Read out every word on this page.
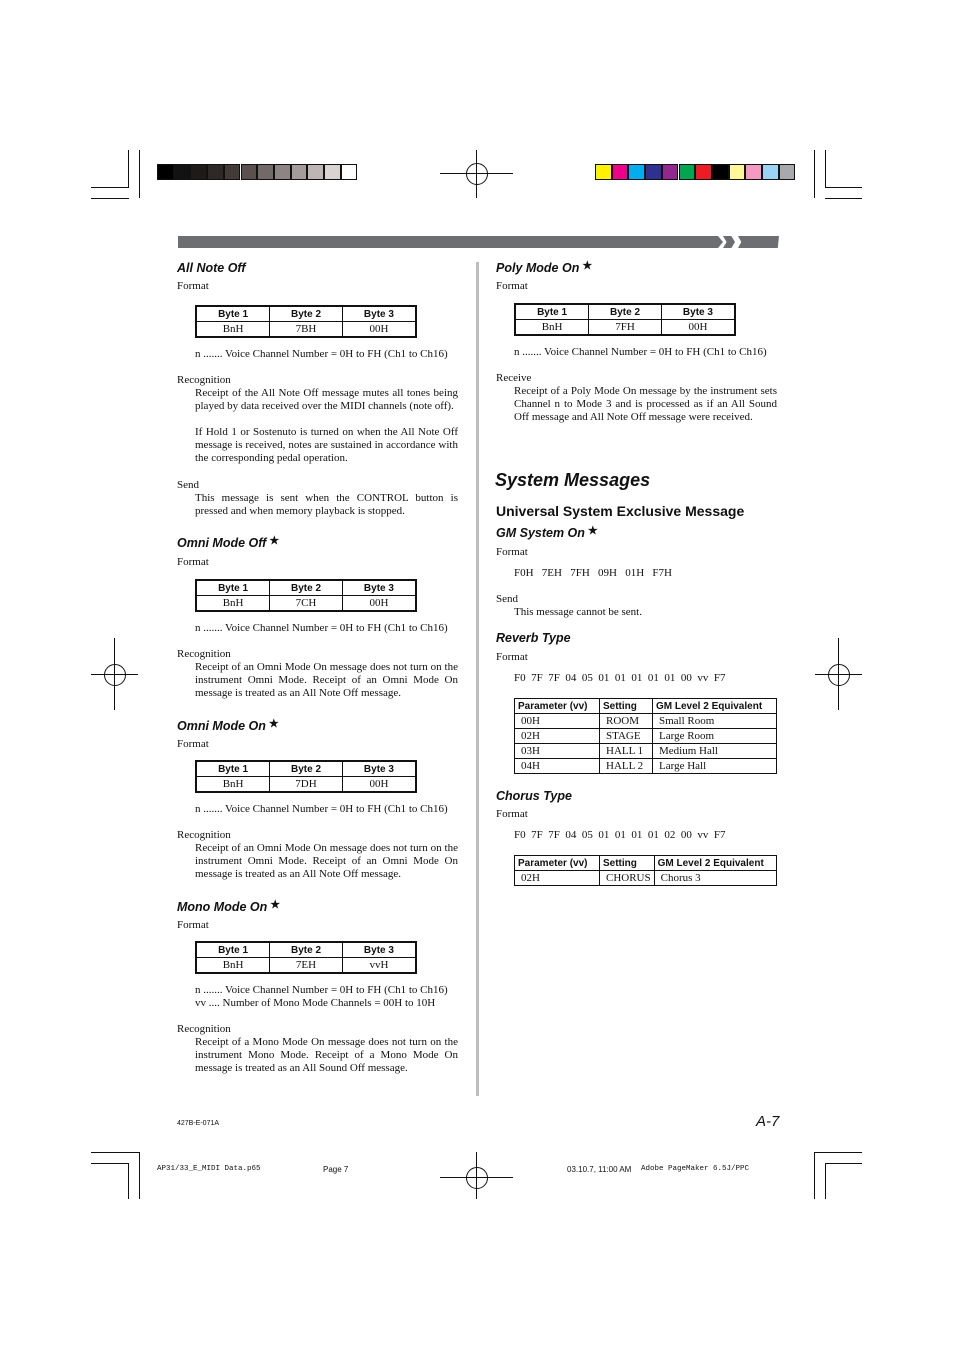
All Note Off
Format
Byte 1	Byte 2	Byte 3
BnH	7BH	00H
n ....... Voice Channel Number = 0H to FH (Ch1 to Ch16)
Recognition
Receipt of the All Note Off message mutes all tones being played by data received over the MIDI channels (note off).
If Hold 1 or Sostenuto is turned on when the All Note Off message is received, notes are sustained in accordance with the corresponding pedal operation.
Send
This message is sent when the CONTROL button is pressed and when memory playback is stopped.
Omni Mode Off ★
Format
Byte 1	Byte 2	Byte 3
BnH	7CH	00H
n ....... Voice Channel Number = 0H to FH (Ch1 to Ch16)
Recognition
Receipt of an Omni Mode On message does not turn on the instrument Omni Mode. Receipt of an Omni Mode On message is treated as an All Note Off message.
Omni Mode On ★
Format
Byte 1	Byte 2	Byte 3
BnH	7DH	00H
n ....... Voice Channel Number = 0H to FH (Ch1 to Ch16)
Recognition
Receipt of an Omni Mode On message does not turn on the instrument Omni Mode. Receipt of an Omni Mode On message is treated as an All Note Off message.
Mono Mode On ★
Format
Byte 1	Byte 2	Byte 3
BnH	7EH	vvH
n ....... Voice Channel Number = 0H to FH (Ch1 to Ch16)
vv .... Number of Mono Mode Channels = 00H to 10H
Recognition
Receipt of a Mono Mode On message does not turn on the instrument Mono Mode. Receipt of a Mono Mode On message is treated as an All Sound Off message.
Poly Mode On ★
Format
Byte 1	Byte 2	Byte 3
BnH	7FH	00H
n ....... Voice Channel Number = 0H to FH (Ch1 to Ch16)
Receive
Receipt of a Poly Mode On message by the instrument sets Channel n to Mode 3 and is processed as if an All Sound Off message and All Note Off message were received.
System Messages
Universal System Exclusive Message
GM System On ★
Format
F0H   7EH   7FH   09H   01H   F7H
Send
This message cannot be sent.
Reverb Type
Format
F0  7F  7F  04  05  01  01  01  01  01  00  vv  F7
Parameter (vv)	Setting	GM Level 2 Equivalent
00H	ROOM	Small Room
02H	STAGE	Large Room
03H	HALL 1	Medium Hall
04H	HALL 2	Large Hall
Chorus Type
Format
F0  7F  7F  04  05  01  01  01  01  02  00  vv  F7
Parameter (vv)	Setting	GM Level 2 Equivalent
02H	CHORUS	Chorus 3
427B-E-071A	A-7
AP31/33_E_MIDI Data.p65	Page 7	03.10.7, 11:00 AM Adobe PageMaker 6.5J/PPC
